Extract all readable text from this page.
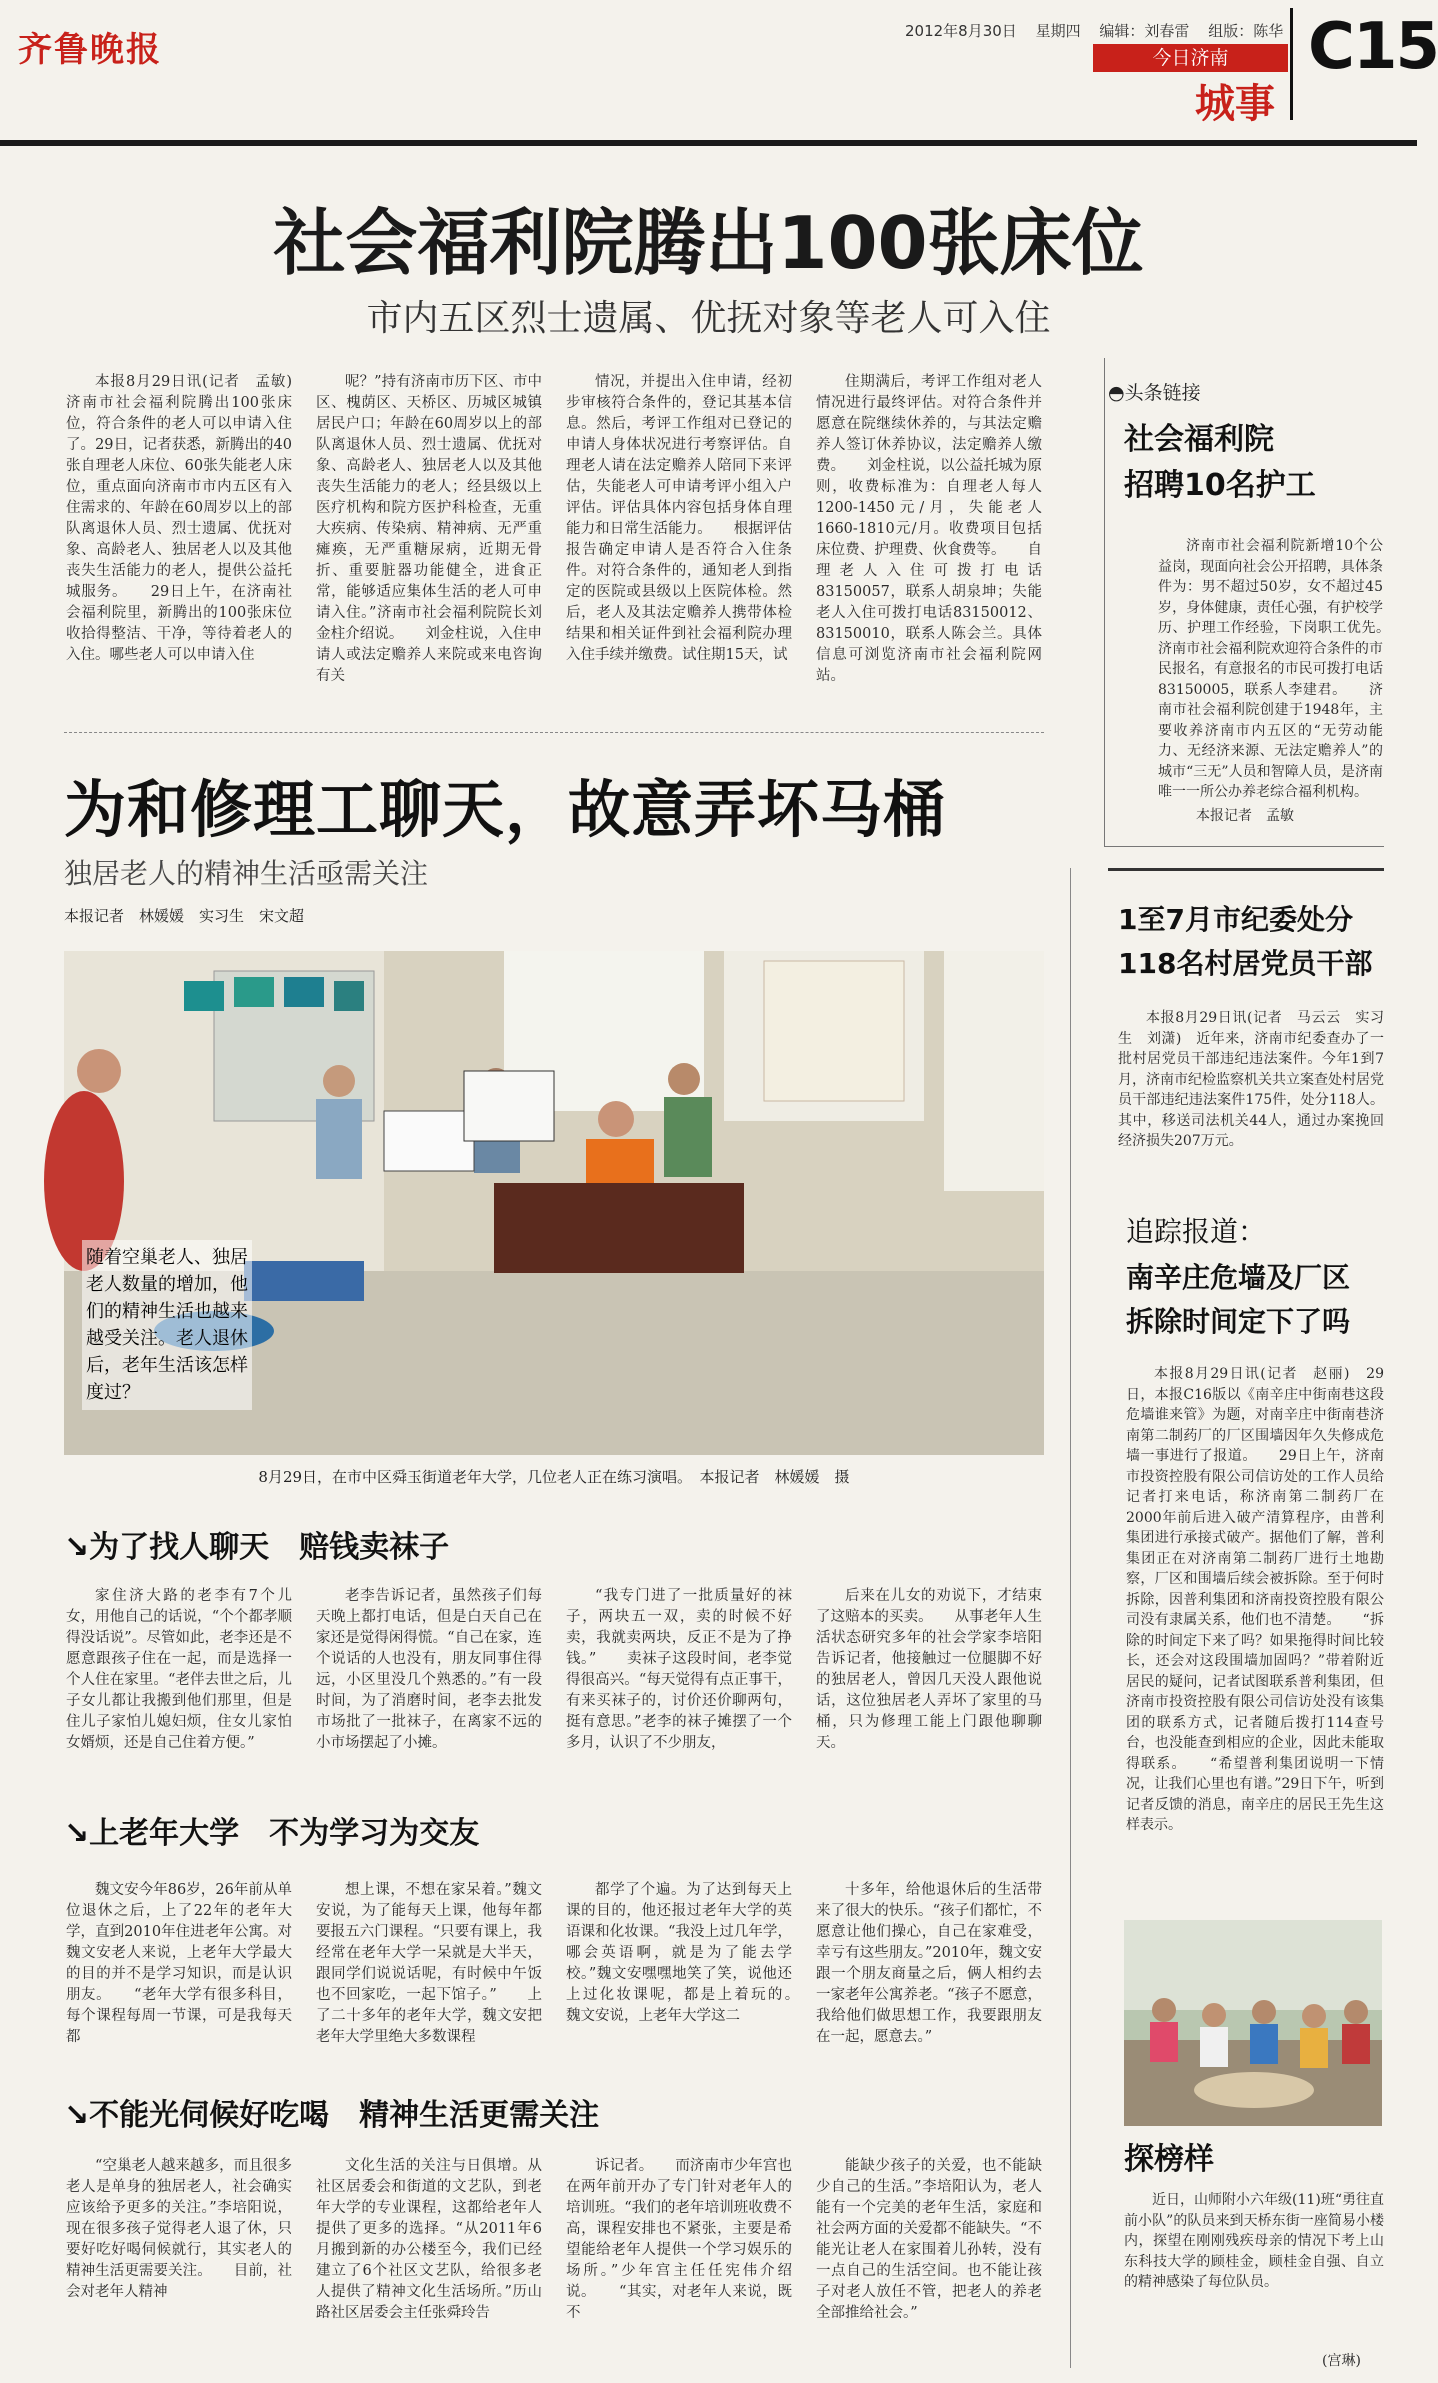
齐鲁晚报	2012年8月30日 星期四 编辑：刘春雷 组版：陈华
今日济南
城事
C15
社会福利院腾出100张床位
市内五区烈士遗属、优抚对象等老人可入住

本报8月29日讯(记者　孟敏)　济南市社会福利院腾出100张床位，符合条件的老人可以申请入住了。29日，记者获悉，新腾出的40张自理老人床位、60张失能老人床位，重点面向济南市市内五区有入住需求的、年龄在60周岁以上的部队离退休人员、烈士遗属、优抚对象、高龄老人、独居老人以及其他丧失生活能力的老人，提供公益托城服务。　　29日上午，在济南社会福利院里，新腾出的100张床位收拾得整洁、干净，等待着老人的入住。哪些老人可以申请入住

呢？”持有济南市历下区、市中区、槐荫区、天桥区、历城区城镇居民户口；年龄在60周岁以上的部队离退休人员、烈士遗属、优抚对象、高龄老人、独居老人以及其他丧失生活能力的老人；经县级以上医疗机构和院方医护科检查，无重大疾病、传染病、精神病、无严重瘫痪，无严重糖尿病，近期无骨折、重要脏器功能健全，进食正常，能够适应集体生活的老人可申请入住。”济南市社会福利院院长刘金柱介绍说。　　刘金柱说，入住申请人或法定赡养人来院或来电咨询有关

情况，并提出入住申请，经初步审核符合条件的，登记其基本信息。然后，考评工作组对已登记的申请人身体状况进行考察评估。自理老人请在法定赡养人陪同下来评估，失能老人可申请考评小组入户评估。评估具体内容包括身体自理能力和日常生活能力。　　根据评估报告确定申请人是否符合入住条件。对符合条件的，通知老人到指定的医院或县级以上医院体检。然后，老人及其法定赡养人携带体检结果和相关证件到社会福利院办理入住手续并缴费。试住期15天，试

住期满后，考评工作组对老人情况进行最终评估。对符合条件并愿意在院继续休养的，与其法定赡养人签订休养协议，法定赡养人缴费。　　刘金柱说，以公益托城为原则，收费标准为：自理老人每人1200-1450元/月，失能老人1660-1810元/月。收费项目包括床位费、护理费、伙食费等。　　自理老人入住可拨打电话83150057，联系人胡泉坤；失能老人入住可拨打电话83150012、83150010，联系人陈会兰。具体信息可浏览济南市社会福利院网站。

◓头条链接
社会福利院
招聘10名护工

济南市社会福利院新增10个公益岗，现面向社会公开招聘，具体条件为：男不超过50岁，女不超过45岁，身体健康，责任心强，有护校学历、护理工作经验，下岗职工优先。　　济南市社会福利院欢迎符合条件的市民报名，有意报名的市民可拨打电话83150005，联系人李建君。　　济南市社会福利院创建于1948年，主要收养济南市内五区的“无劳动能力、无经济来源、无法定赡养人”的城市“三无”人员和智障人员，是济南唯一一所公办养老综合福利机构。

本报记者　孟敏
为和修理工聊天，故意弄坏马桶
独居老人的精神生活亟需关注
本报记者　林媛媛　实习生　宋文超
随着空巢老人、独居老人数量的增加，他们的精神生活也越来越受关注。老人退休后，老年生活该怎样度过？
8月29日，在市中区舜玉街道老年大学，几位老人正在练习演唱。　本报记者　林媛媛　摄
↘为了找人聊天　赔钱卖袜子

家住济大路的老李有7个儿女，用他自己的话说，“个个都孝顺得没话说”。尽管如此，老李还是不愿意跟孩子住在一起，而是选择一个人住在家里。“老伴去世之后，儿子女儿都让我搬到他们那里，但是住儿子家怕儿媳妇烦，住女儿家怕女婿烦，还是自己住着方便。”

老李告诉记者，虽然孩子们每天晚上都打电话，但是白天自己在家还是觉得闲得慌。“自己在家，连个说话的人也没有，朋友同事住得远，小区里没几个熟悉的。”有一段时间，为了消磨时间，老李去批发市场批了一批袜子，在离家不远的小市场摆起了小摊。

“我专门进了一批质量好的袜子，两块五一双，卖的时候不好卖，我就卖两块，反正不是为了挣钱。”　　卖袜子这段时间，老李觉得很高兴。“每天觉得有点正事干，有来买袜子的，讨价还价聊两句，挺有意思。”老李的袜子摊摆了一个多月，认识了不少朋友，

后来在儿女的劝说下，才结束了这赔本的买卖。　　从事老年人生活状态研究多年的社会学家李培阳告诉记者，他接触过一位腿脚不好的独居老人，曾因几天没人跟他说话，这位独居老人弄坏了家里的马桶，只为修理工能上门跟他聊聊天。

↘上老年大学　不为学习为交友

魏文安今年86岁，26年前从单位退休之后，上了22年的老年大学，直到2010年住进老年公寓。对魏文安老人来说，上老年大学最大的目的并不是学习知识，而是认识朋友。　　“老年大学有很多科目，每个课程每周一节课，可是我每天都

想上课，不想在家呆着。”魏文安说，为了能每天上课，他每年都要报五六门课程。“只要有课上，我经常在老年大学一呆就是大半天，跟同学们说说话呢，有时候中午饭也不回家吃，一起下馆子。”　　上了二十多年的老年大学，魏文安把老年大学里绝大多数课程

都学了个遍。为了达到每天上课的目的，他还报过老年大学的英语课和化妆课。“我没上过几年学，哪会英语啊，就是为了能去学校。”魏文安嘿嘿地笑了笑，说他还上过化妆课呢，都是上着玩的。　　魏文安说，上老年大学这二

十多年，给他退休后的生活带来了很大的快乐。“孩子们都忙，不愿意让他们操心，自己在家难受，幸亏有这些朋友。”2010年，魏文安跟一个朋友商量之后，俩人相约去一家老年公寓养老。“孩子不愿意，我给他们做思想工作，我要跟朋友在一起，愿意去。”

↘不能光伺候好吃喝　精神生活更需关注

“空巢老人越来越多，而且很多老人是单身的独居老人，社会确实应该给予更多的关注。”李培阳说，现在很多孩子觉得老人退了休，只要好吃好喝伺候就行，其实老人的精神生活更需要关注。　　目前，社会对老年人精神

文化生活的关注与日俱增。从社区居委会和街道的文艺队，到老年大学的专业课程，这都给老年人提供了更多的选择。“从2011年6月搬到新的办公楼至今，我们已经建立了6个社区文艺队，给很多老人提供了精神文化生活场所。”历山路社区居委会主任张舜玲告

诉记者。　　而济南市少年宫也在两年前开办了专门针对老年人的培训班。“我们的老年培训班收费不高，课程安排也不紧张，主要是希望能给老年人提供一个学习娱乐的场所。”少年宫主任任宪伟介绍说。　　“其实，对老年人来说，既不

能缺少孩子的关爱，也不能缺少自己的生活。”李培阳认为，老人能有一个完美的老年生活，家庭和社会两方面的关爱都不能缺失。“不能光让老人在家围着儿孙转，没有一点自己的生活空间。也不能让孩子对老人放任不管，把老人的养老全部推给社会。”

1至7月市纪委处分
118名村居党员干部

本报8月29日讯(记者　马云云　实习生　刘潇)　近年来，济南市纪委查办了一批村居党员干部违纪违法案件。今年1到7月，济南市纪检监察机关共立案查处村居党员干部违纪违法案件175件，处分118人。其中，移送司法机关44人，通过办案挽回经济损失207万元。

追踪报道：
南辛庄危墙及厂区
拆除时间定下了吗

本报8月29日讯(记者　赵丽)　29日，本报C16版以《南辛庄中街南巷这段危墙谁来管》为题，对南辛庄中街南巷济南第二制药厂的厂区围墙因年久失修成危墙一事进行了报道。　　29日上午，济南市投资控股有限公司信访处的工作人员给记者打来电话，称济南第二制药厂在2000年前后进入破产清算程序，由普利集团进行承接式破产。据他们了解，普利集团正在对济南第二制药厂进行土地勘察，厂区和围墙后续会被拆除。至于何时拆除，因普利集团和济南投资控股有限公司没有隶属关系，他们也不清楚。　　“拆除的时间定下来了吗？如果拖得时间比较长，还会对这段围墙加固吗？”带着附近居民的疑问，记者试图联系普利集团，但济南市投资控股有限公司信访处没有该集团的联系方式，记者随后拨打114查号台，也没能查到相应的企业，因此未能取得联系。　　“希望普利集团说明一下情况，让我们心里也有谱。”29日下午，听到记者反馈的消息，南辛庄的居民王先生这样表示。

探榜样

近日，山师附小六年级(11)班“勇往直前小队”的队员来到天桥东街一座简易小楼内，探望在刚刚残疾母亲的情况下考上山东科技大学的顾桂金，顾桂金自强、自立的精神感染了每位队员。

(宫琳)
